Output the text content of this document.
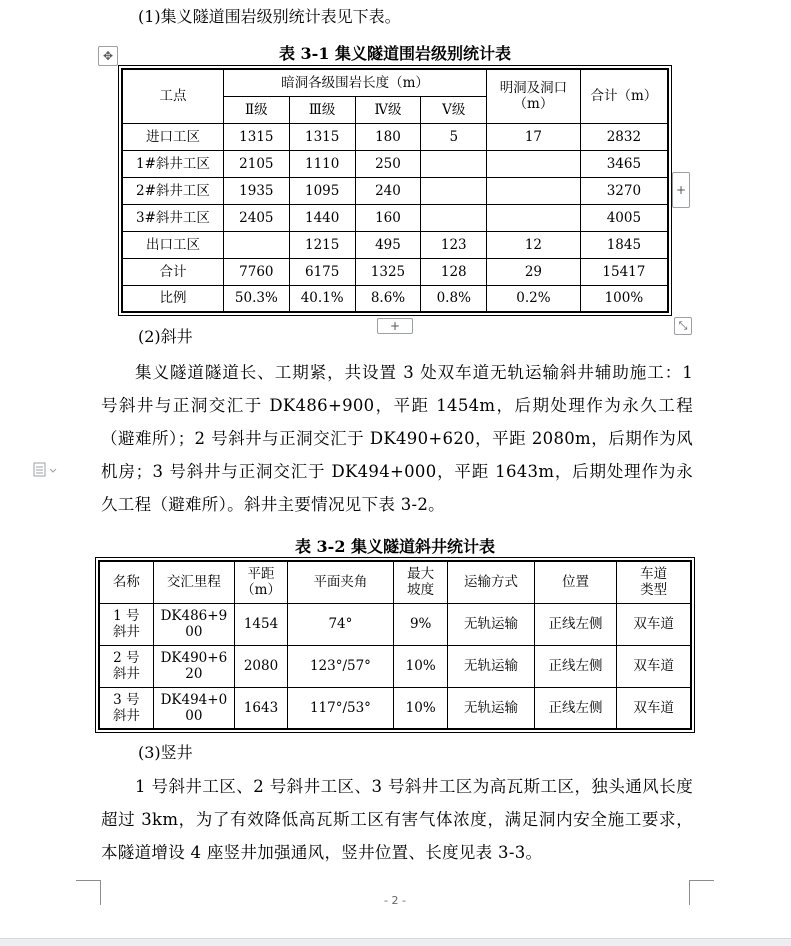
(1)集义隧道围岩级别统计表见下表。
✥	表 3-1 集义隧道围岩级别统计表
工点	暗洞各级围岩长度（m）				明洞及洞口（m）	合计（m）
	Ⅱ级	Ⅲ级	Ⅳ级	Ⅴ级		
进口工区	1315	1315	180	5	17	2832
1#斜井工区	2105	1110	250			3465
2#斜井工区	1935	1095	240			3270
3#斜井工区	2405	1440	160			4005
出口工区		1215	495	123	12	1845
合计	7760	6175	1325	128	29	15417
比例	50.3%	40.1%	8.6%	0.8%	0.2%	100%
+
+	⤡
(2)斜井
集义隧道隧道长、工期紧，共设置 3 处双车道无轨运输斜井辅助施工：1 号斜井与正洞交汇于 DK486+900，平距 1454m，后期处理作为永久工程（避难所）；2 号斜井与正洞交汇于 DK490+620，平距 2080m，后期作为风机房；3 号斜井与正洞交汇于 DK494+000，平距 1643m，后期处理作为永久工程（避难所）。斜井主要情况见下表 3-2。
表 3-2 集义隧道斜井统计表
名称	交汇里程	平距（m）	平面夹角	最大坡度	运输方式	位置	车道类型
1 号斜井	DK486+900	1454	74°	9%	无轨运输	正线左侧	双车道
2 号斜井	DK490+620	2080	123°/57°	10%	无轨运输	正线左侧	双车道
3 号斜井	DK494+000	1643	117°/53°	10%	无轨运输	正线左侧	双车道
(3)竖井
1 号斜井工区、2 号斜井工区、3 号斜井工区为高瓦斯工区，独头通风长度超过 3km，为了有效降低高瓦斯工区有害气体浓度，满足洞内安全施工要求，本隧道增设 4 座竖井加强通风，竖井位置、长度见表 3-3。
- 2 -
